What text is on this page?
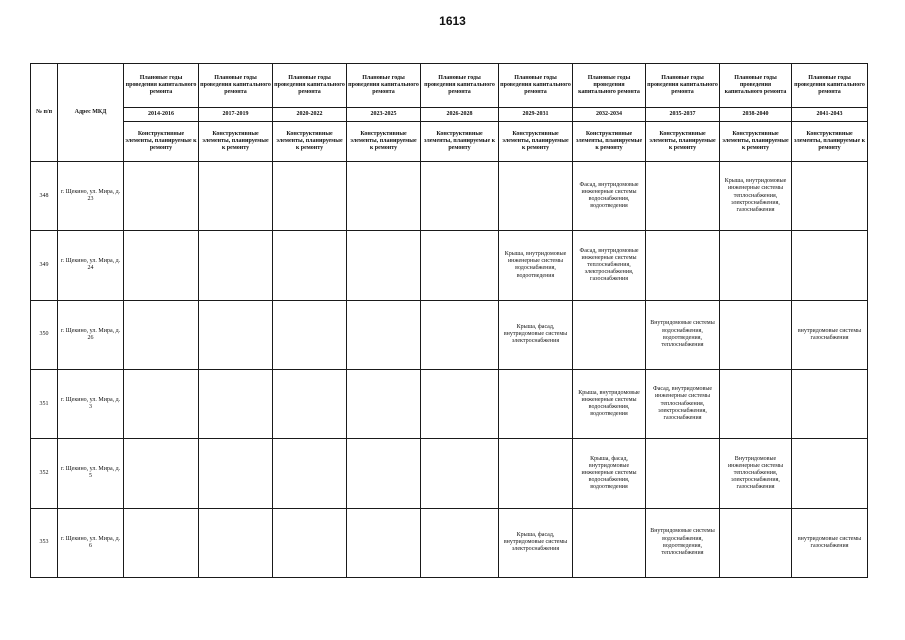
1613
№ п/п	Адрес МКД	Плановые годы проведения капитального ремонта	Плановые годы проведения капитального ремонта	Плановые годы проведения капитального ремонта	Плановые годы проведения капитального ремонта	Плановые годы проведения капитального ремонта	Плановые годы проведения капитального ремонта	Плановые годы проведения капитального ремонта	Плановые годы проведения капитального ремонта	Плановые годы проведения капитального ремонта	Плановые годы проведения капитального ремонта
		2014-2016	2017-2019	2020-2022	2023-2025	2026-2028	2029-2031	2032-2034	2035-2037	2038-2040	2041-2043
		Конструктивные элементы, планируемые к ремонту	Конструктивные элементы, планируемые к ремонту	Конструктивные элементы, планируемые к ремонту	Конструктивные элементы, планируемые к ремонту	Конструктивные элементы, планируемые к ремонту	Конструктивные элементы, планируемые к ремонту	Конструктивные элементы, планируемые к ремонту	Конструктивные элементы, планируемые к ремонту	Конструктивные элементы, планируемые к ремонту	Конструктивные элементы, планируемые к ремонту
348	г. Щекино, ул. Мира, д. 23							Фасад, внутридомовые инженерные системы водоснабжения, водоотведения		Крыша, внутридомовые инженерные системы теплоснабжения, электроснабжения, газоснабжения	
349	г. Щекино, ул. Мира, д. 24						Крыша, внутридомовые инженерные системы водоснабжения, водоотведения	Фасад, внутридомовые инженерные системы теплоснабжения, электроснабжения, газоснабжения			
350	г. Щекино, ул. Мира, д. 26						Крыша, фасад, внутридомовые системы электроснабжения		Внутридомовые системы водоснабжения, водоотведения, теплоснабжения		внутридомовые системы газоснабжения
351	г. Щекино, ул. Мира, д. 3							Крыша, внутридомовые инженерные системы водоснабжения, водоотведения	Фасад, внутридомовые инженерные системы теплоснабжения, электроснабжения, газоснабжения		
352	г. Щекино, ул. Мира, д. 5							Крыша, фасад, внутридомовые инженерные системы водоснабжения, водоотведения		Внутридомовые инженерные системы теплоснабжения, электроснабжения, газоснабжения	
353	г. Щекино, ул. Мира, д. 6						Крыша, фасад, внутридомовые системы электроснабжения		Внутридомовые системы водоснабжения, водоотведения, теплоснабжения		внутридомовые системы газоснабжения
